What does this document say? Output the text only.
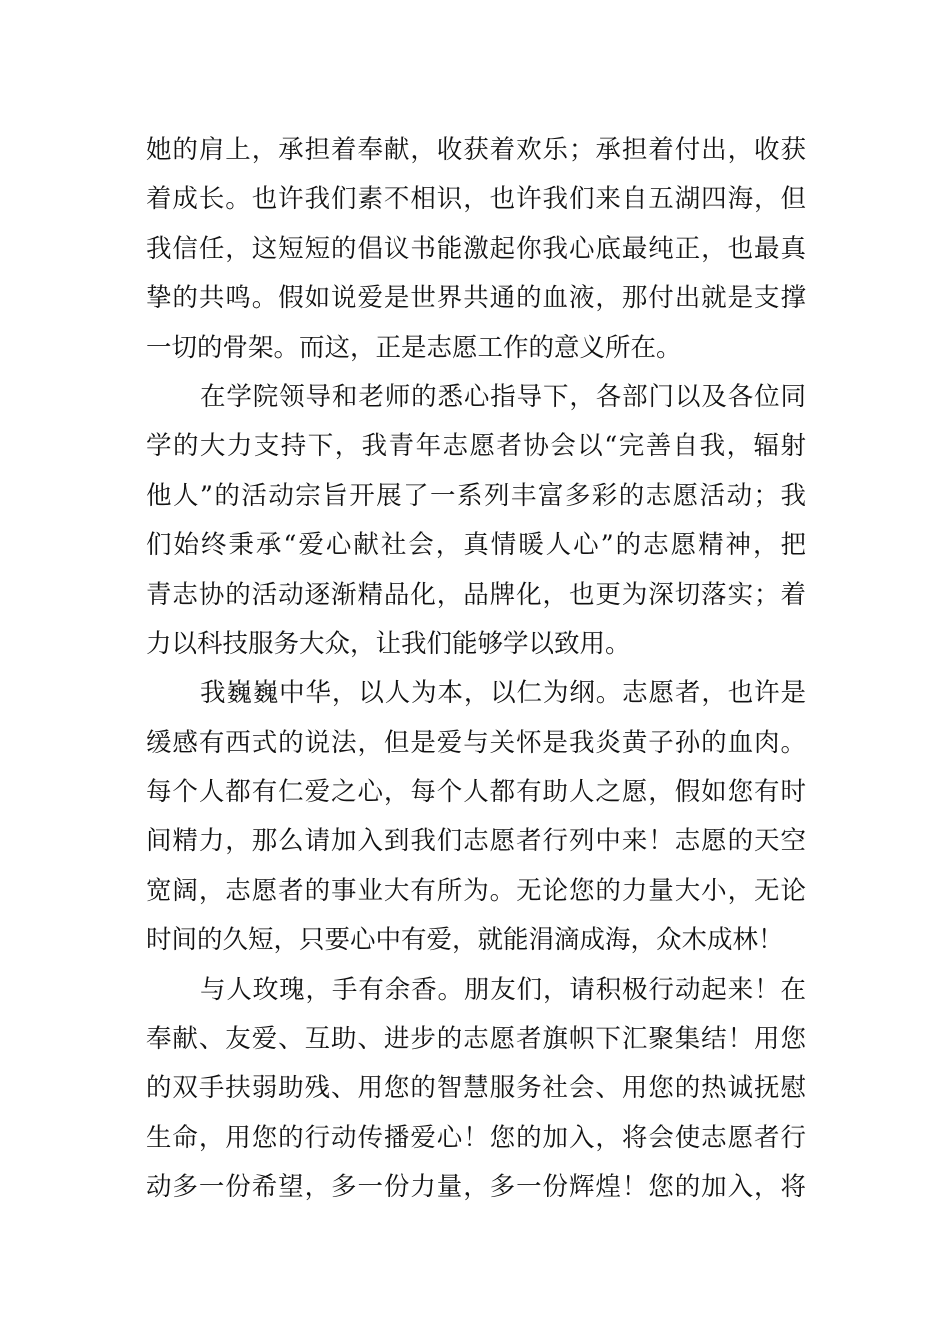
她的肩上，承担着奉献，收获着欢乐；承担着付出，收获
着成长。也许我们素不相识，也许我们来自五湖四海，但
我信任，这短短的倡议书能激起你我心底最纯正，也最真
挚的共鸣。假如说爱是世界共通的血液，那付出就是支撑
一切的骨架。而这，正是志愿工作的意义所在。
在学院领导和老师的悉心指导下，各部门以及各位同
学的大力支持下，我青年志愿者协会以“完善自我，辐射
他人”的活动宗旨开展了一系列丰富多彩的志愿活动；我
们始终秉承“爱心献社会，真情暖人心”的志愿精神，把
青志协的活动逐渐精品化，品牌化，也更为深切落实；着
力以科技服务大众，让我们能够学以致用。
我巍巍中华，以人为本，以仁为纲。志愿者，也许是
缓感有西式的说法，但是爱与关怀是我炎黄子孙的血肉。
每个人都有仁爱之心，每个人都有助人之愿，假如您有时
间精力，那么请加入到我们志愿者行列中来！志愿的天空
宽阔，志愿者的事业大有所为。无论您的力量大小，无论
时间的久短，只要心中有爱，就能涓滴成海，众木成林！
与人玫瑰，手有余香。朋友们，请积极行动起来！在
奉献、友爱、互助、进步的志愿者旗帜下汇聚集结！用您
的双手扶弱助残、用您的智慧服务社会、用您的热诚抚慰
生命，用您的行动传播爱心！您的加入，将会使志愿者行
动多一份希望，多一份力量，多一份辉煌！您的加入，将
